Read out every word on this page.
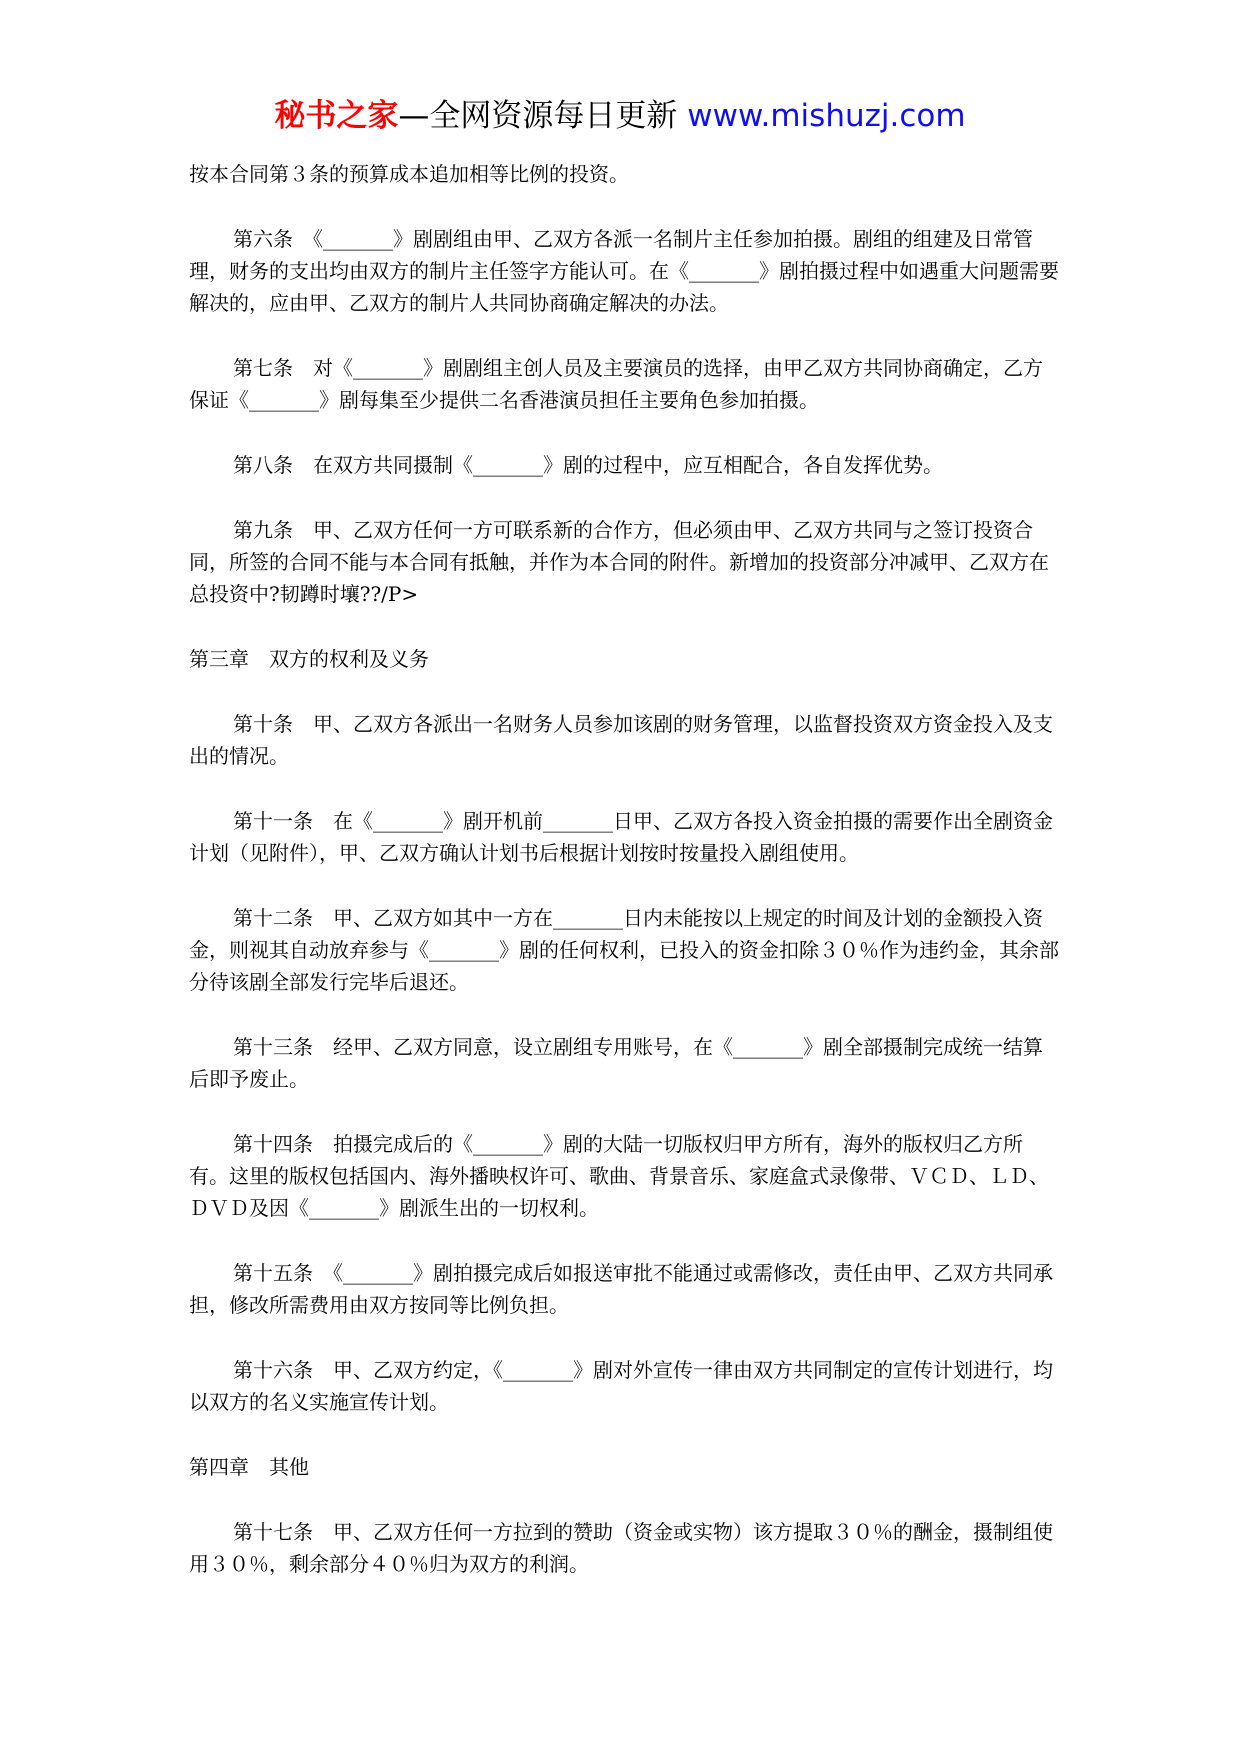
秘书之家—全网资源每日更新 www.mishuzj.com

按本合同第３条的预算成本追加相等比例的投资。

第六条　《_______》剧剧组由甲、乙双方各派一名制片主任参加拍摄。剧组的组建及日常管理，财务的支出均由双方的制片主任签字方能认可。在《_______》剧拍摄过程中如遇重大问题需要解决的，应由甲、乙双方的制片人共同协商确定解决的办法。

第七条　对《_______》剧剧组主创人员及主要演员的选择，由甲乙双方共同协商确定，乙方保证《_______》剧每集至少提供二名香港演员担任主要角色参加拍摄。

第八条　在双方共同摄制《_______》剧的过程中，应互相配合，各自发挥优势。

第九条　甲、乙双方任何一方可联系新的合作方，但必须由甲、乙双方共同与之签订投资合同，所签的合同不能与本合同有抵触，并作为本合同的附件。新增加的投资部分冲减甲、乙双方在总投资中?韧蹲时壤??/P>

第三章　双方的权利及义务

第十条　甲、乙双方各派出一名财务人员参加该剧的财务管理，以监督投资双方资金投入及支出的情况。

第十一条　在《_______》剧开机前_______日甲、乙双方各投入资金拍摄的需要作出全剧资金计划（见附件），甲、乙双方确认计划书后根据计划按时按量投入剧组使用。

第十二条　甲、乙双方如其中一方在_______日内未能按以上规定的时间及计划的金额投入资金，则视其自动放弃参与《_______》剧的任何权利，已投入的资金扣除３０％作为违约金，其余部分待该剧全部发行完毕后退还。

第十三条　经甲、乙双方同意，设立剧组专用账号，在《_______》剧全部摄制完成统一结算后即予废止。

第十四条　拍摄完成后的《_______》剧的大陆一切版权归甲方所有，海外的版权归乙方所有。这里的版权包括国内、海外播映权许可、歌曲、背景音乐、家庭盒式录像带、ＶＣＤ、ＬＤ、ＤＶＤ及因《_______》剧派生出的一切权利。

第十五条　《_______》剧拍摄完成后如报送审批不能通过或需修改，责任由甲、乙双方共同承担，修改所需费用由双方按同等比例负担。

第十六条　甲、乙双方约定，《_______》剧对外宣传一律由双方共同制定的宣传计划进行，均以双方的名义实施宣传计划。

第四章　其他

第十七条　甲、乙双方任何一方拉到的赞助（资金或实物）该方提取３０％的酬金，摄制组使用３０％，剩余部分４０％归为双方的利润。
